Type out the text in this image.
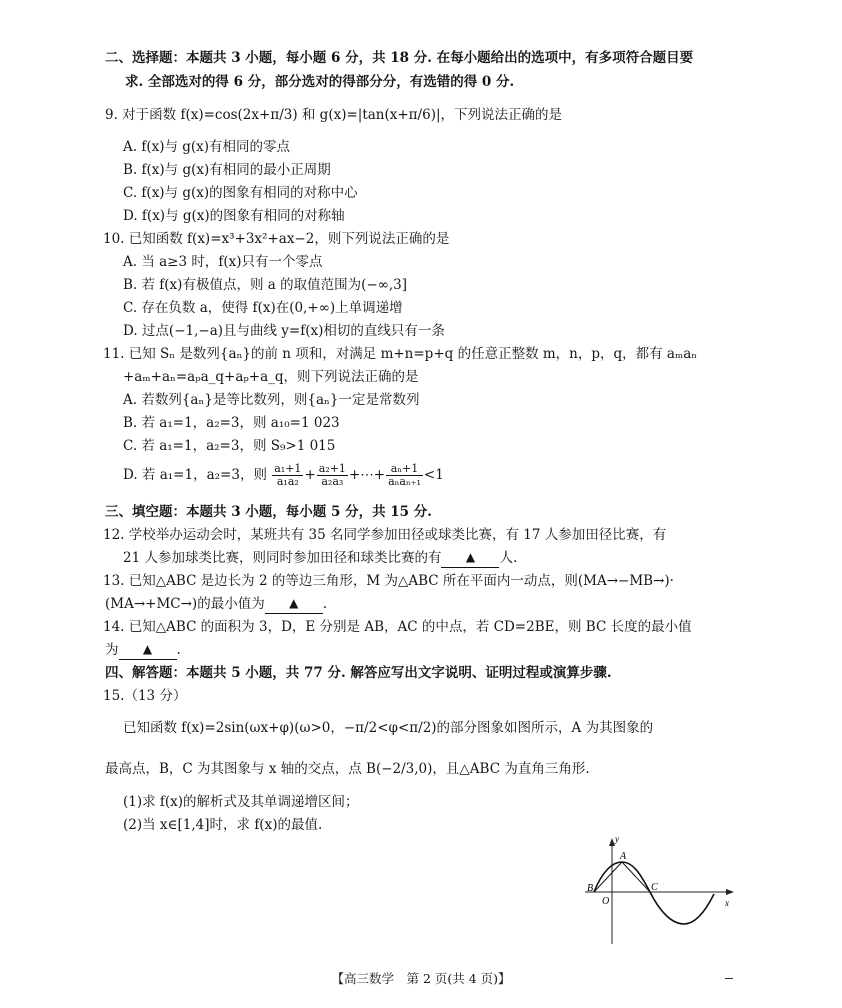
二、选择题：本题共 3 小题，每小题 6 分，共 18 分. 在每小题给出的选项中，有多项符合题目要
求. 全部选对的得 6 分，部分选对的得部分分，有选错的得 0 分.
9. 对于函数 f(x)=cos(2x+π/3) 和 g(x)=|tan(x+π/6)|，下列说法正确的是
A. f(x)与 g(x)有相同的零点
B. f(x)与 g(x)有相同的最小正周期
C. f(x)与 g(x)的图象有相同的对称中心
D. f(x)与 g(x)的图象有相同的对称轴
10. 已知函数 f(x)=x³+3x²+ax−2，则下列说法正确的是
A. 当 a≥3 时，f(x)只有一个零点
B. 若 f(x)有极值点，则 a 的取值范围为(−∞,3]
C. 存在负数 a，使得 f(x)在(0,+∞)上单调递增
D. 过点(−1,−a)且与曲线 y=f(x)相切的直线只有一条
11. 已知 Sₙ 是数列{aₙ}的前 n 项和，对满足 m+n=p+q 的任意正整数 m，n，p，q，都有 aₘaₙ
+aₘ+aₙ=aₚa_q+aₚ+a_q，则下列说法正确的是
A. 若数列{aₙ}是等比数列，则{aₙ}一定是常数列
B. 若 a₁=1，a₂=3，则 a₁₀=1 023
C. 若 a₁=1，a₂=3，则 S₉>1 015
D. 若 a₁=1，a₂=3，则 $\frac{\text{a₁+1}}{\text{a₁a₂}} + \frac{\text{a₂+1}}{\text{a₂a₃}}$ +⋯+ $\frac{\text{aₙ+1}}{\text{aₙaₙ₊₁}} <1$
三、填空题：本题共 3 小题，每小题 5 分，共 15 分.
12. 学校举办运动会时，某班共有 35 名同学参加田径或球类比赛，有 17 人参加田径比赛，有
21 人参加球类比赛，则同时参加田径和球类比赛的有 ▲ 人.
13. 已知△ABC 是边长为 2 的等边三角形，M 为△ABC 所在平面内一动点，则(MA→−MB→)·
(MA→+MC→)的最小值为 ▲ .
14. 已知△ABC 的面积为 3，D，E 分别是 AB，AC 的中点，若 CD=2BE，则 BC 长度的最小值
为 ▲ .
四、解答题：本题共 5 小题，共 77 分. 解答应写出文字说明、证明过程或演算步骤.
15.（13 分）
已知函数 f(x)=2sin(ωx+φ)(ω>0，−π/2<φ<π/2)的部分图象如图所示，A 为其图象的
最高点，B，C 为其图象与 x 轴的交点，点 B(−2/3,0)，且△ABC 为直角三角形.
(1)求 f(x)的解析式及其单调递增区间；
(2)当 x∈[1,4]时，求 f(x)的最值.
y
x
A
B	C
O
【高三数学　第 2 页(共 4 页)】
